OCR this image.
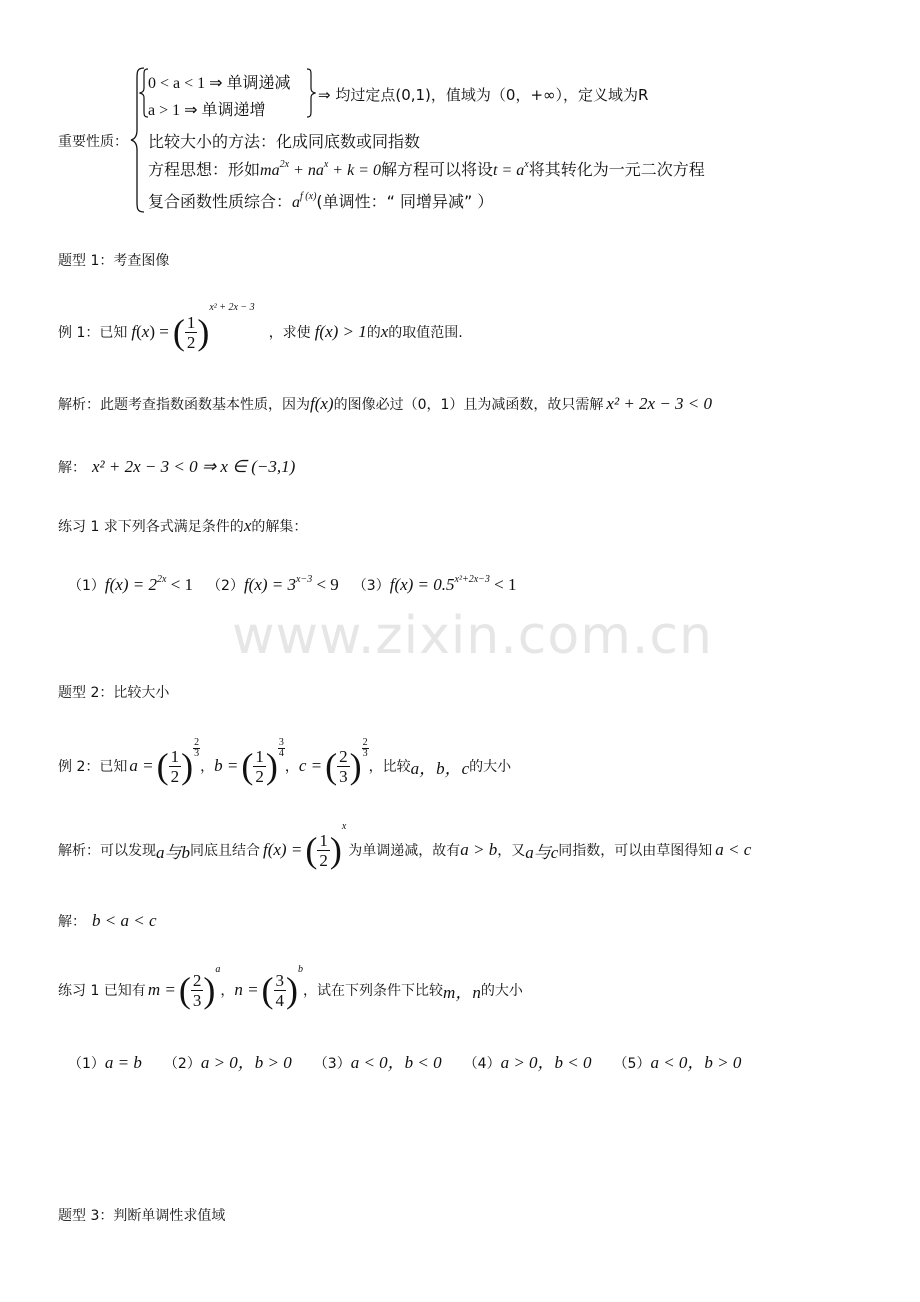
www.zixin.com.cn
重要性质：
0 < a < 1 ⇒ 单调递减
a > 1 ⇒ 单调递增
⇒ 均过定点(0,1)，值域为（0，+∞），定义域为R
比较大小的方法：化成同底数或同指数
方程思想：形如$ma^{2x} + na^x + k = 0$解方程可以将设$t = a^x$将其转化为一元二次方程
复合函数性质综合：$a^{f (x)}$(单调性：“ 同增异减” ）
题型 1：考查图像
例 1：已知 f ( x ) = ( $\frac{1}{2}$ )
x² + 2x − 3
，求使 f(x) > 1 的 x 的取值范围.
解析：此题考查指数函数基本性质，因为f(x)的图像必过（0，1）且为减函数，故只需解 x² + 2x − 3 < 0
解： x² + 2x − 3 < 0 ⇒ x ∈ (−3,1)
练习 1 求下列各式满足条件的x的解集：
$(1)f(x) = 2^{2x} < 1$ $(2)f(x) = 3^{x-3} < 9$ $(3)f(x) = 0.5^{x^2+2x-3} < 1$
题型 2：比较大小
例 2：已知 a = ( $\frac{1}{2}$ ) $\frac{2}{3}$
， b = ( $\frac{1}{2}$ ) $\frac{3}{4}$
， c = ( $\frac{2}{3}$ ) $\frac{2}{3}$
， 比较 a，b，c 的大小
解析：可以发现 a与b 同底且结合 f(x) = ( $\frac{1}{2}$ )
x
为单调递减，故有 a > b ，又 a与c 同指数，可以由草图得知 a < c
解： b < a < c
练习 1 已知有 m = ( $\frac{2}{3}$ )
a
， n = ( $\frac{3}{4}$ )
b
，试在下列条件下比较 m，n 的大小
（1）a = b （2）a > 0，b > 0 （3）a < 0，b < 0 （4）a > 0，b < 0 （5）a < 0，b > 0
题型 3：判断单调性求值域
